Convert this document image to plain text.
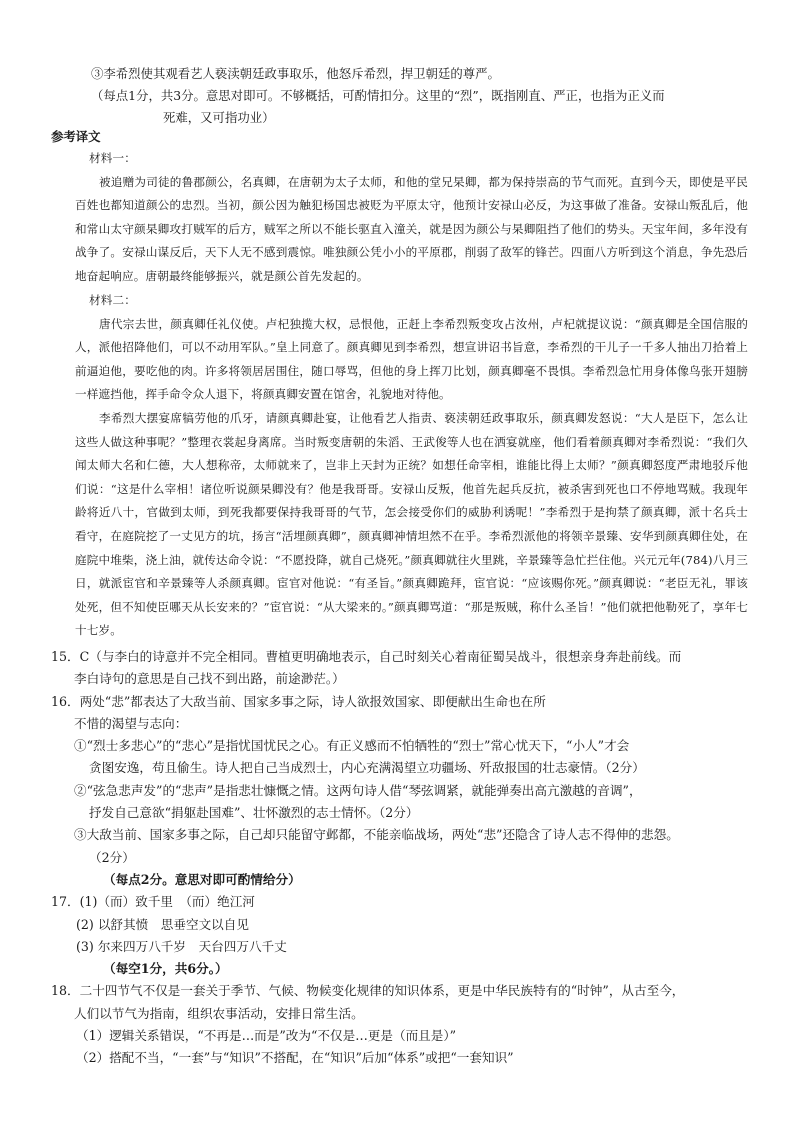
③李希烈使其观看艺人亵渎朝廷政事取乐，他怒斥希烈，捍卫朝廷的尊严。

（每点1分，共3分。意思对即可。不够概括，可酌情扣分。这里的“烈”，既指刚直、严正，也指为正义而

死难，又可指功业）

参考译文

材料一：

被追赠为司徒的鲁郡颜公，名真卿，在唐朝为太子太师，和他的堂兄杲卿，都为保持崇高的节气而死。直到今天，即使是平民百姓也都知道颜公的忠烈。当初，颜公因为触犯杨国忠被贬为平原太守，他预计安禄山必反，为这事做了准备。安禄山叛乱后，他和常山太守颜杲卿攻打贼军的后方，贼军之所以不能长驱直入潼关，就是因为颜公与杲卿阻挡了他们的势头。天宝年间，多年没有战争了。安禄山谋反后，天下人无不感到震惊。唯独颜公凭小小的平原郡，削弱了敌军的锋芒。四面八方听到这个消息，争先恐后地奋起响应。唐朝最终能够振兴，就是颜公首先发起的。

材料二：

唐代宗去世，颜真卿任礼仪使。卢杞独揽大权，忌恨他，正赶上李希烈叛变攻占汝州，卢杞就提议说：“颜真卿是全国信服的人，派他招降他们，可以不动用军队。”皇上同意了。颜真卿见到李希烈，想宣讲诏书旨意，李希烈的干儿子一千多人抽出刀拾着上前逼迫他，要吃他的肉。许多将领居居围住，随口辱骂，但他的身上挥刀比划，颜真卿毫不畏惧。李希烈急忙用身体像鸟张开翅膀一样遮挡他，挥手命令众人退下，将颜真卿安置在馆舍，礼貌地对待他。

李希烈大摆宴席犒劳他的爪牙，请颜真卿赴宴，让他看艺人指责、亵渎朝廷政事取乐，颜真卿发怒说：“大人是臣下，怎么让这些人做这种事呢？”整理衣裳起身离席。当时叛变唐朝的朱滔、王武俊等人也在洒宴就座，他们看着颜真卿对李希烈说：“我们久闻太师大名和仁德，大人想称帝，太师就来了，岂非上天封为正统？如想任命宰相，谁能比得上太师？”颜真卿怒度严肃地驳斥他们说：“这是什么宰相！诸位听说颜杲卿没有？他是我哥哥。安禄山反叛，他首先起兵反抗，被杀害到死也口不停地骂贼。我现年龄将近八十，官做到太师，到死我都要保持我哥哥的气节，怎会接受你们的威胁利诱呢！”李希烈于是拘禁了颜真卿，派十名兵士看守，在庭院挖了一丈见方的坑，扬言“活埋颜真卿”，颜真卿神情坦然不在乎。李希烈派他的将领辛景臻、安华到颜真卿住处，在庭院中堆柴，浇上油，就传达命令说：“不愿投降，就自己烧死。”颜真卿就往火里跳，辛景臻等急忙拦住他。兴元元年(784)八月三日，就派宦官和辛景臻等人杀颜真卿。宦官对他说：“有圣旨。”颜真卿跪拜，宦官说：“应该赐你死。”颜真卿说：“老臣无礼，罪该处死，但不知使臣哪天从长安来的？”宦官说：“从大梁来的。”颜真卿骂道：“那是叛贼，称什么圣旨！”他们就把他勒死了，享年七十七岁。

15．C（与李白的诗意并不完全相同。曹植更明确地表示，自己时刻关心着南征蜀吴战斗，很想亲身奔赴前线。而

李白诗句的意思是自己找不到出路，前途渺茫。）

16．两处“悲”都表达了大敌当前、国家多事之际，诗人欲报效国家、即便献出生命也在所

不惜的渴望与志向：

①“烈士多悲心”的“悲心”是指忧国忧民之心。有正义感而不怕牺牲的“烈士”常心忧天下，“小人”才会

贪图安逸，苟且偷生。诗人把自己当成烈士，内心充满渴望立功疆场、歼敌报国的壮志豪情。（2分）

②“弦急悲声发”的“悲声”是指悲壮慷慨之情。这两句诗人借“琴弦调紧，就能弹奏出高亢激越的音调”，

抒发自己意欲“捐躯赴国难”、壮怀激烈的志士情怀。（2分）

③大敌当前、国家多事之际，自己却只能留守邺都，不能亲临战场，两处“悲”还隐含了诗人志不得伸的悲怨。

（2分）

（每点2分。意思对即可酌情给分）

17．(1)（而）致千里　（而）绝江河

(2) 以舒其愤　思垂空文以自见

(3) 尔来四万八千岁　天台四万八千丈

（每空1分，共6分。）

18．二十四节气不仅是一套关于季节、气候、物候变化规律的知识体系，更是中华民族特有的“时钟”，从古至今，

人们以节气为指南，组织农事活动，安排日常生活。

（1）逻辑关系错误，“不再是…而是”改为“不仅是…更是（而且是）”

（2）搭配不当，“一套”与“知识”不搭配，在“知识”后加“体系”或把“一套知识”
